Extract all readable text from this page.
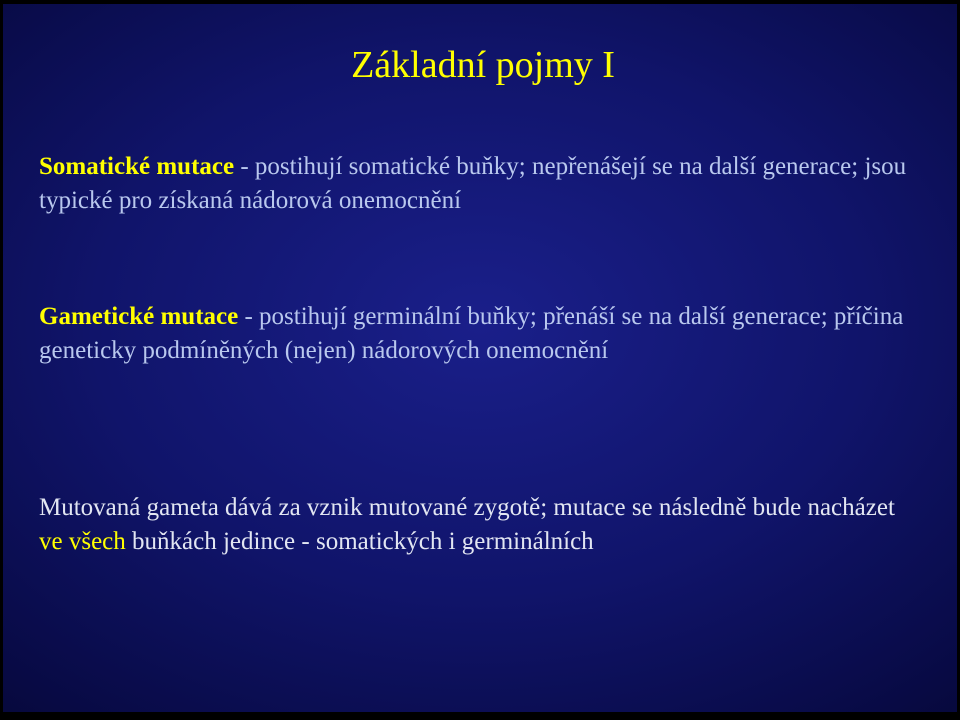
Základní pojmy I
Somatické mutace - postihují somatické buňky; nepřenášejí se na další generace; jsou typické pro získaná nádorová onemocnění
Gametické mutace - postihují germinální buňky; přenáší se na další generace; příčina geneticky podmíněných (nejen) nádorových onemocnění
Mutovaná gameta dává za vznik mutované zygotě; mutace se následně bude nacházet ve všech buňkách jedince - somatických i germinálních
